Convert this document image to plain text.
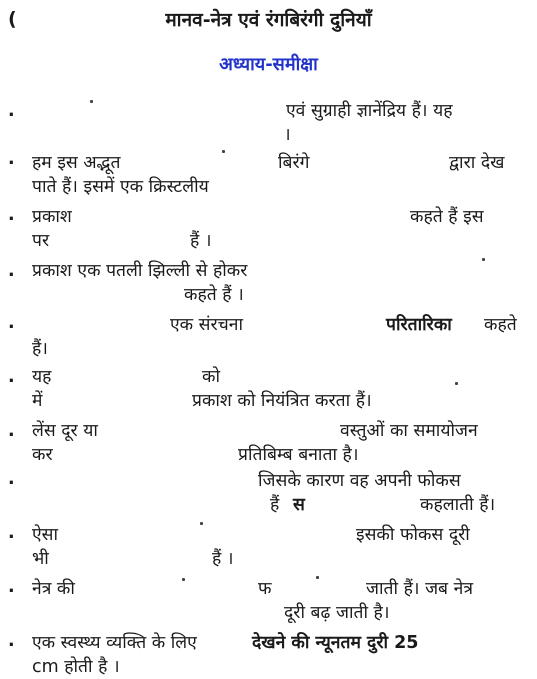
(	मानव-नेत्र एवं रंगबिरंगी दुनियाँ
अध्याय-समीक्षा
.
.
.
.
.
.
.
.
.
.
.
एवं सुग्राही ज्ञानेंद्रिय हैं। यह
।
हम इस अद्भूत	बिरंगे	द्वारा देख
पाते हैं। इसमें एक क्रिस्टलीय
प्रकाश	कहते हैं इस
पर	हैं ।
प्रकाश एक पतली झिल्ली से होकर
कहते हैं ।
एक संरचना	परितारिका कहते
हैं।
यह	को
में	प्रकाश को नियंत्रित करता हैं।
लेंस दूर या	वस्तुओं का समायोजन
कर	प्रतिबिम्ब बनाता है।
जिसके कारण वह अपनी फोकस
हैं स	कहलाती हैं।
ऐसा	इसकी फोकस दूरी
भी	हैं ।
नेत्र की	फ	जाती हैं। जब नेत्र
दूरी बढ़ जाती है।
एक स्वस्थ्य व्यक्ति के लिए	देखने की न्यूनतम दुरी 25
cm होती है ।
